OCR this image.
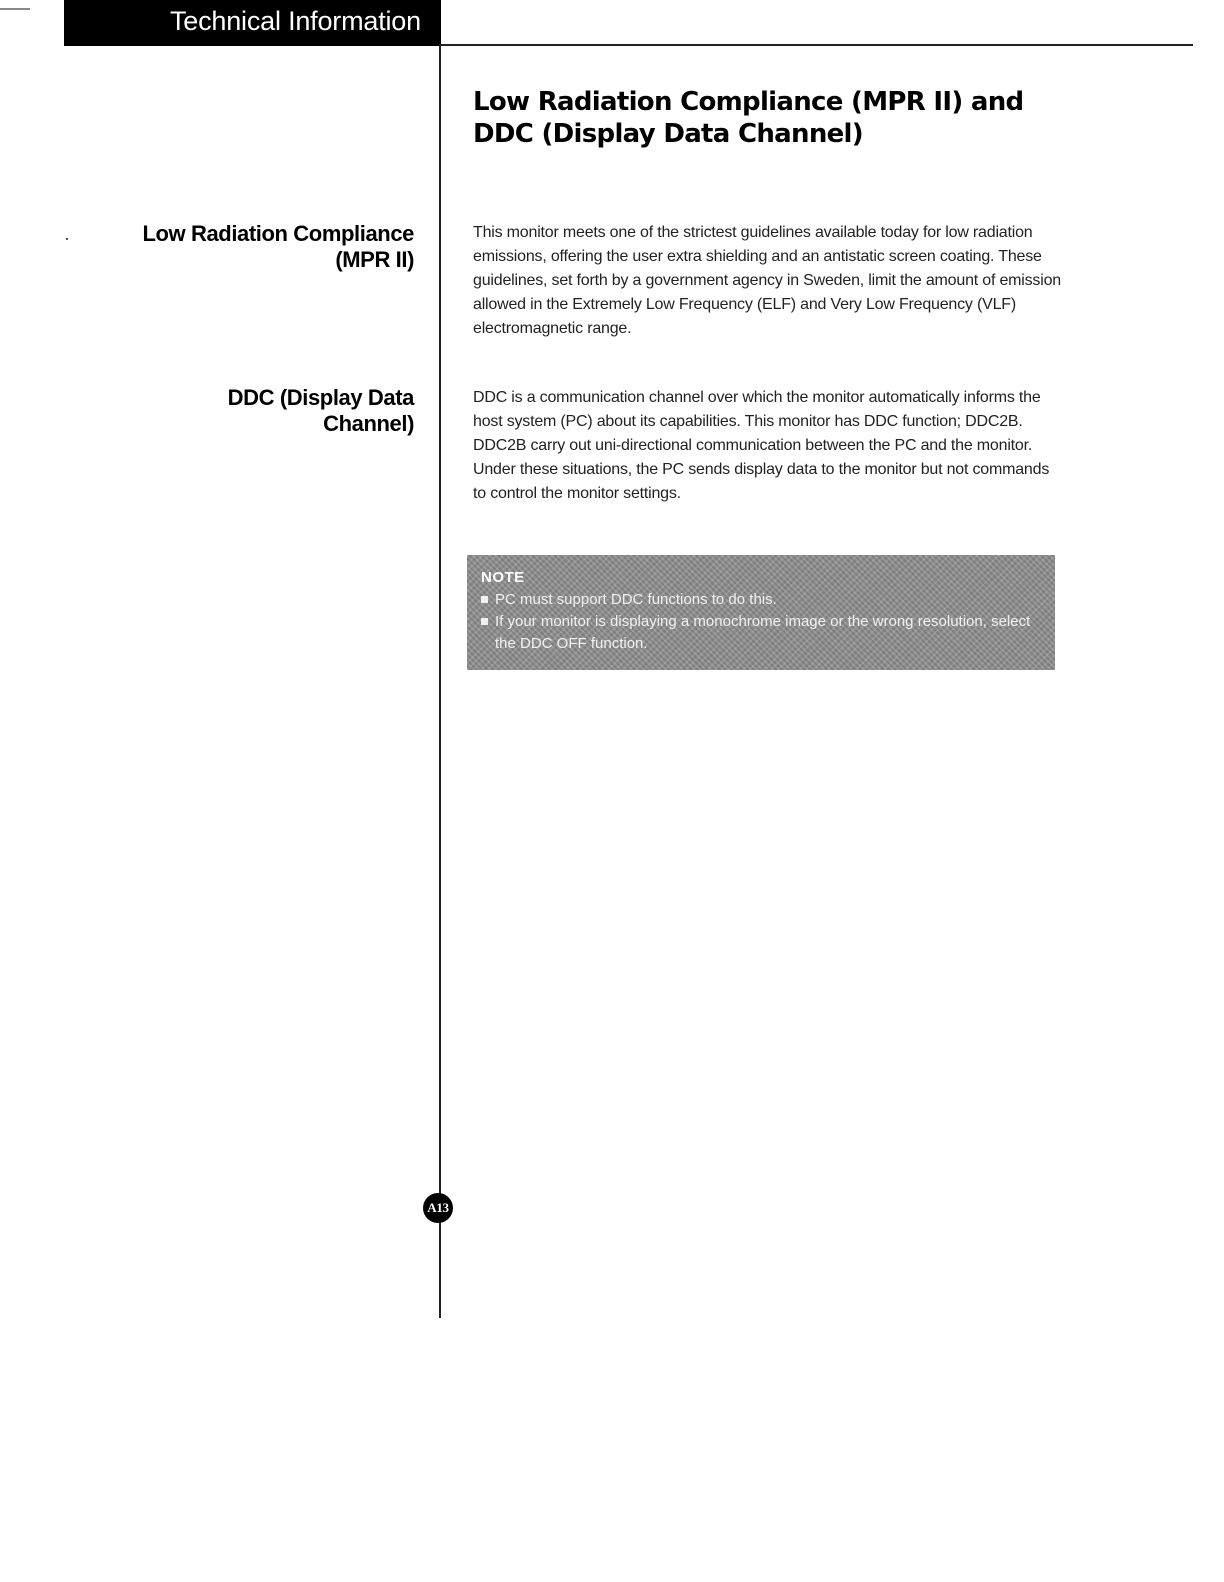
Technical Information
Low Radiation Compliance (MPR II) and
DDC (Display Data Channel)
Low Radiation Compliance
(MPR II)

This monitor meets one of the strictest guidelines available today for low radiation emissions, offering the user extra shielding and an antistatic screen coating. These guidelines, set forth by a government agency in Sweden, limit the amount of emission allowed in the Extremely Low Frequency (ELF) and Very Low Frequency (VLF) electromagnetic range.

DDC (Display Data
Channel)

DDC is a communication channel over which the monitor automatically informs the host system (PC) about its capabilities. This monitor has DDC function; DDC2B. DDC2B carry out uni-directional communication between the PC and the monitor. Under these situations, the PC sends display data to the monitor but not commands to control the monitor settings.

NOTE
PC must support DDC functions to do this.
If your monitor is displaying a monochrome image or the wrong resolution, select the DDC OFF function.
A13
